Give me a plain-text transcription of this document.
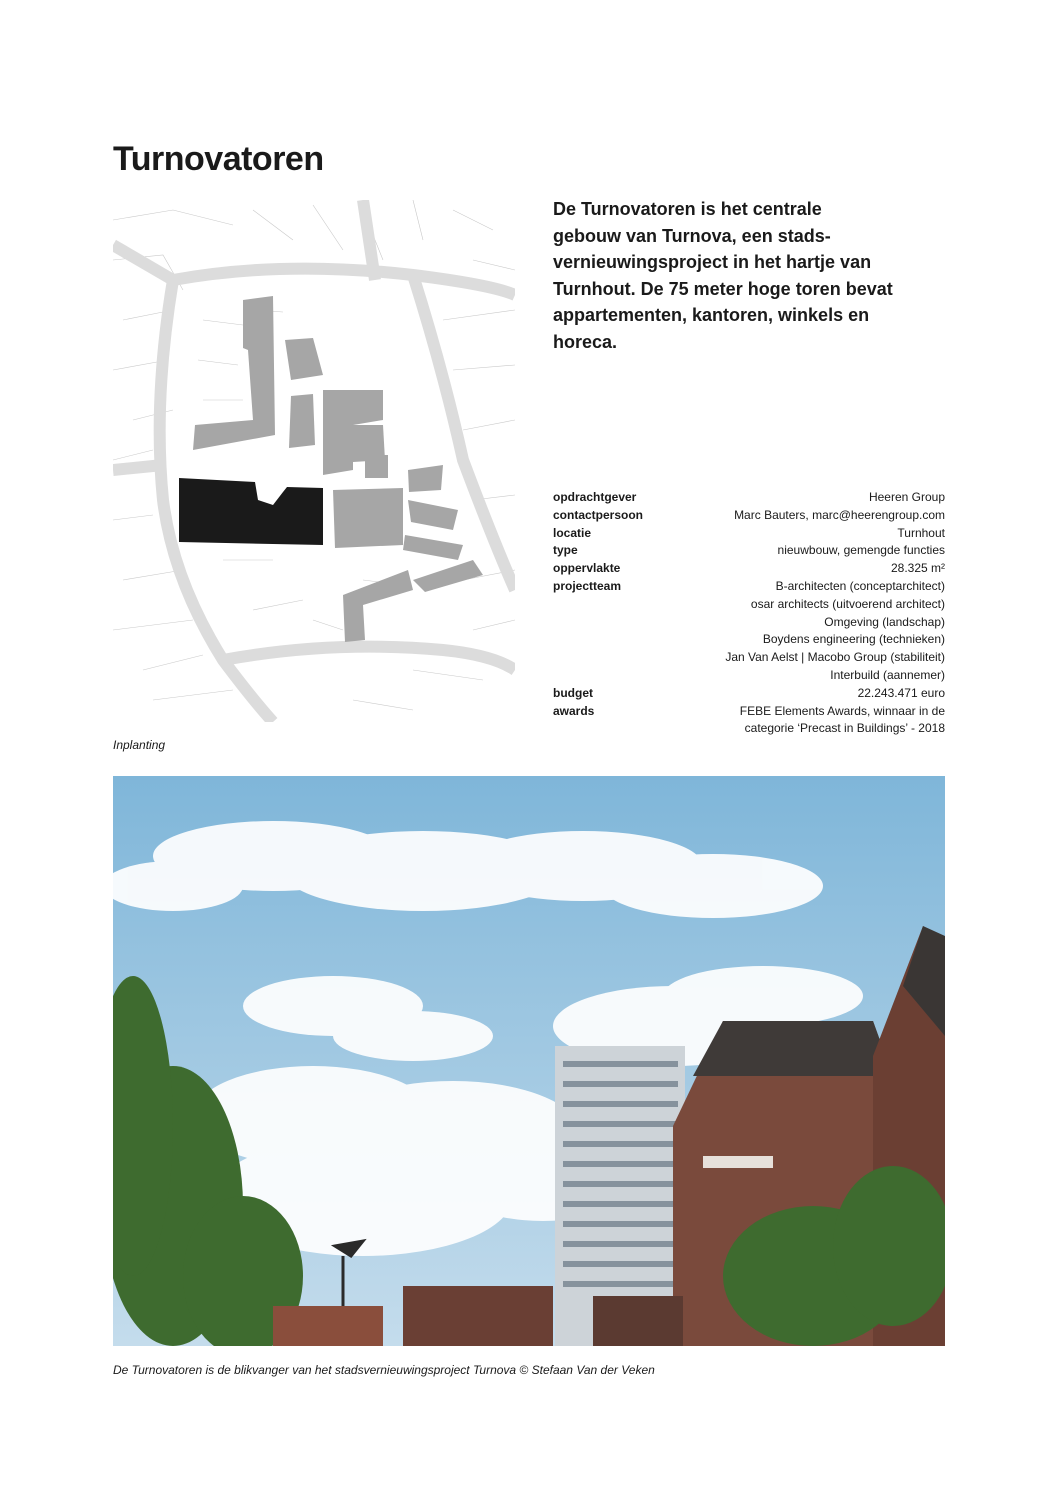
Turnovatoren
Inplanting
De Turnovatoren is het centrale
gebouw van Turnova, een stads-
vernieuwingsproject in het hartje van
Turnhout. De 75 meter hoge toren bevat
appartementen, kantoren, winkels en
horeca.
opdrachtgever	Heeren Group
contactpersoon	Marc Bauters, marc@heerengroup.com
locatie	Turnhout
type	nieuwbouw, gemengde functies
oppervlakte	28.325 m²
projectteam	B-architecten (conceptarchitect)
osar architects (uitvoerend architect)
Omgeving (landschap)
Boydens engineering (technieken)
Jan Van Aelst | Macobo Group (stabiliteit)
Interbuild (aannemer)
budget	22.243.471 euro
awards	FEBE Elements Awards, winnaar in de
categorie ‘Precast in Buildings’ - 2018
De Turnovatoren is de blikvanger van het stadsvernieuwingsproject Turnova © Stefaan Van der Veken
